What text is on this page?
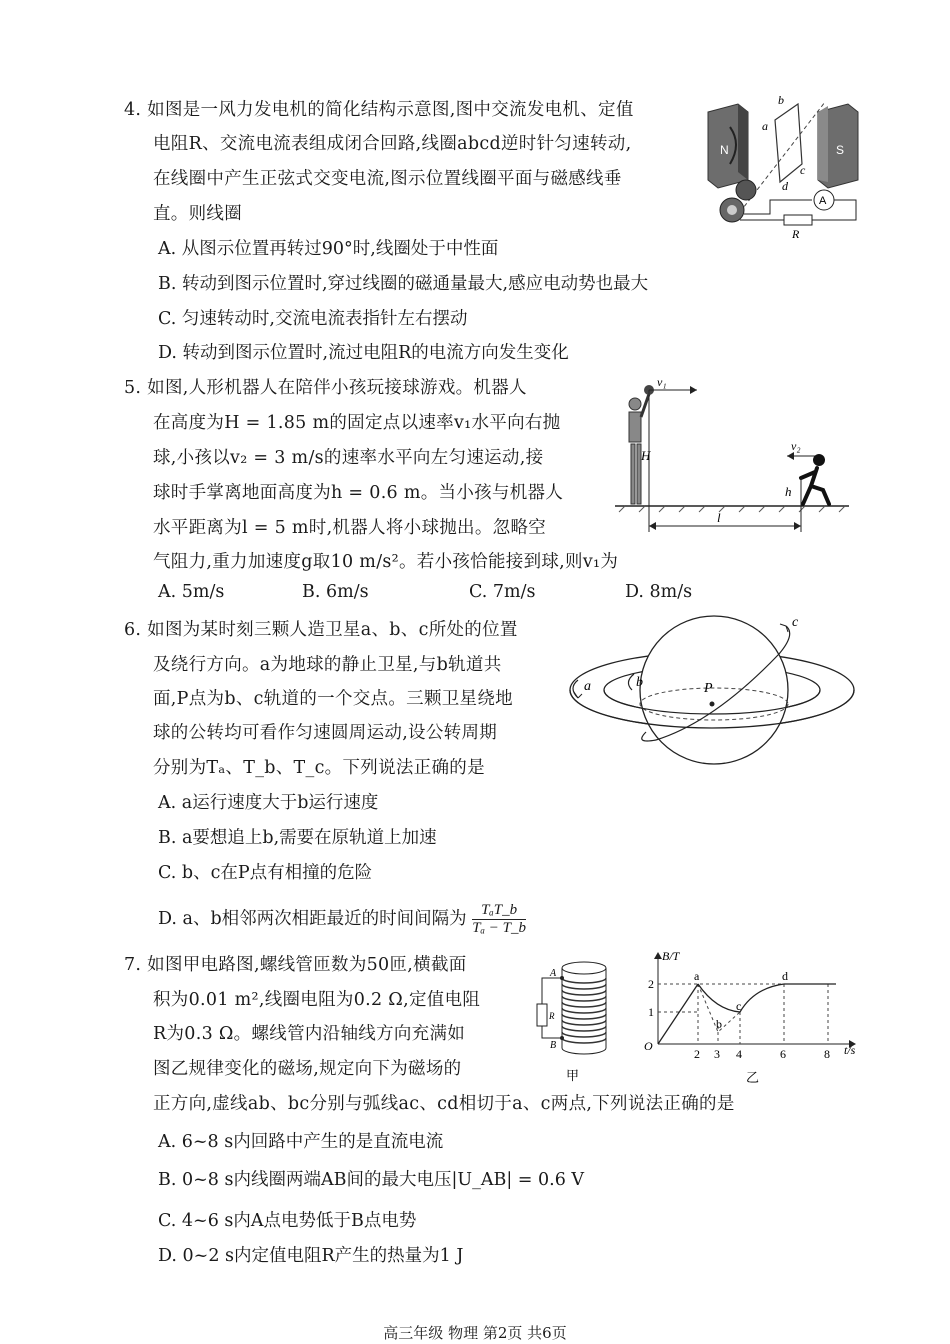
4. 如图是一风力发电机的简化结构示意图,图中交流发电机、定值
电阻R、交流电流表组成闭合回路,线圈abcd逆时针匀速转动,
在线圈中产生正弦式交变电流,图示位置线圈平面与磁感线垂
直。则线圈
A. 从图示位置再转过90°时,线圈处于中性面
B. 转动到图示位置时,穿过线圈的磁通量最大,感应电动势也最大
C. 匀速转动时,交流电流表指针左右摆动
D. 转动到图示位置时,流过电阻R的电流方向发生变化
N	S
a
b
c
d
A
R
5. 如图,人形机器人在陪伴小孩玩接球游戏。机器人
在高度为H = 1.85 m的固定点以速率v₁水平向右抛
球,小孩以v₂ = 3 m/s的速率水平向左匀速运动,接
球时手掌离地面高度为h = 0.6 m。当小孩与机器人
水平距离为l = 5 m时,机器人将小球抛出。忽略空
气阻力,重力加速度g取10 m/s²。若小孩恰能接到球,则v₁为
A. 5m/s	B. 6m/s	C. 7m/s	D. 8m/s
H
v₁
h
v₂
l
6. 如图为某时刻三颗人造卫星a、b、c所处的位置
及绕行方向。a为地球的静止卫星,与b轨道共
面,P点为b、c轨道的一个交点。三颗卫星绕地
球的公转均可看作匀速圆周运动,设公转周期
分别为Tₐ、T_b、T_c。下列说法正确的是
A. a运行速度大于b运行速度
B. a要想追上b,需要在原轨道上加速
C. b、c在P点有相撞的危险
D. a、b相邻两次相距最近的时间间隔为 $\frac{\text{TₐT\_b}}{\text{Tₐ − T\_b}}$
a	b
c
P
7. 如图甲电路图,螺线管匝数为50匝,横截面
积为0.01 m²,线圈电阻为0.2 Ω,定值电阻
R为0.3 Ω。螺线管内沿轴线方向充满如
图乙规律变化的磁场,规定向下为磁场的
正方向,虚线ab、bc分别与弧线ac、cd相切于a、c两点,下列说法正确的是
A. 6~8 s内回路中产生的是直流电流
B. 0~8 s内线圈两端AB间的最大电压|U_AB| = 0.6 V
C. 4~6 s内A点电势低于B点电势
D. 0~2 s内定值电阻R产生的热量为1 J
A
B
R
甲
B/T
t/s
O
2
1
2 3 4	6	8
a
b
c
d
乙
高三年级 物理 第2页 共6页
